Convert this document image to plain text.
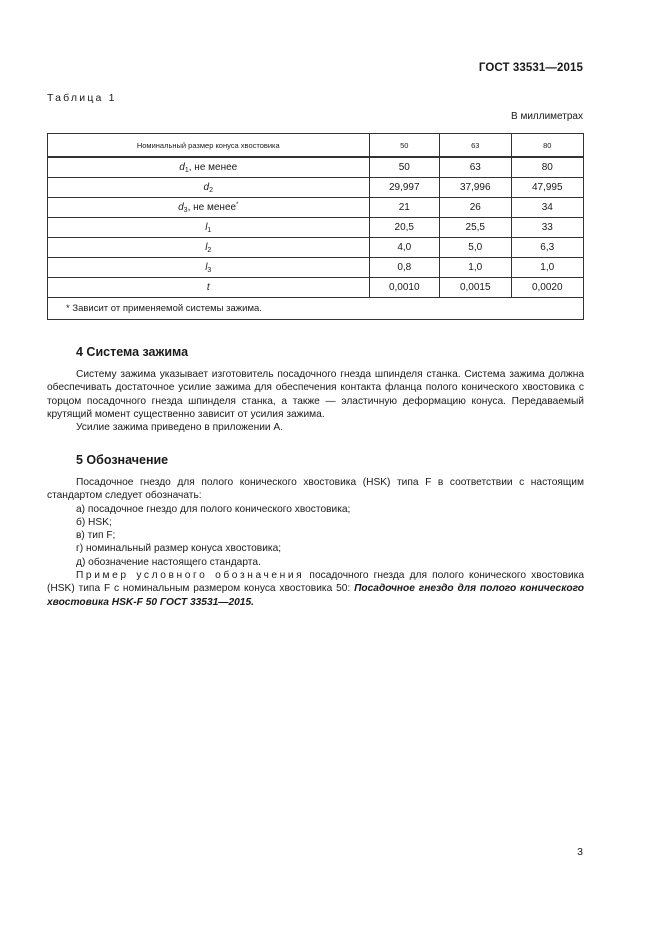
ГОСТ 33531—2015
Таблица 1
В миллиметрах
Номинальный размер конуса хвостовика	50	63	80
$d_1$, не менее	50	63	80
$d_2$	29,997	37,996	47,995
$d_3$, не менее*	21	26	34
$l_1$	20,5	25,5	33
$l_2$	4,0	5,0	6,3
$l_3$	0,8	1,0	1,0
t	0,0010	0,0015	0,0020
* Зависит от применяемой системы зажима.			
4 Система зажима

Систему зажима указывает изготовитель посадочного гнезда шпинделя станка. Система зажима должна обеспечивать достаточное усилие зажима для обеспечения контакта фланца полого конического хвостовика с торцом посадочного гнезда шпинделя станка, а также — эластичную деформацию конуса. Передаваемый крутящий момент существенно зависит от усилия зажима.

Усилие зажима приведено в приложении А.

5 Обозначение

Посадочное гнездо для полого конического хвостовика (HSK) типа F в соответствии с настоящим стандартом следует обозначать:

а) посадочное гнездо для полого конического хвостовика;

б) HSK;

в) тип F;

г) номинальный размер конуса хвостовика;

д) обозначение настоящего стандарта.

Пример условного обозначения посадочного гнезда для полого конического хвостовика (HSK) типа F с номинальным размером конуса хвостовика 50: Посадочное гнездо для полого конического хвостовика HSK-F 50 ГОСТ 33531—2015.

3
